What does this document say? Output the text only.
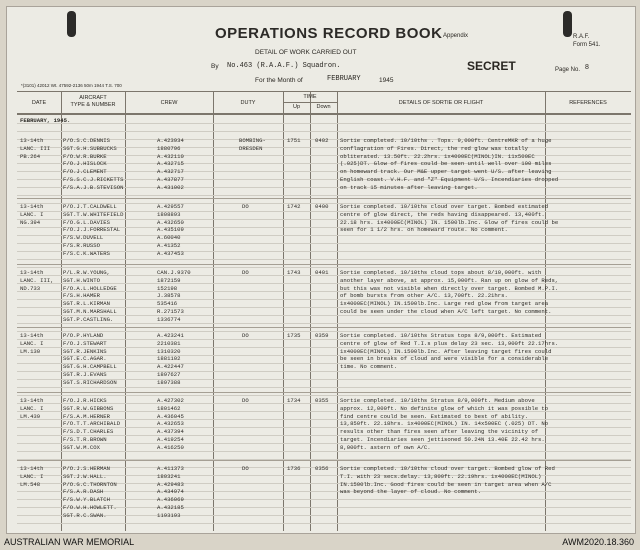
OPERATIONS RECORD BOOK
DETAIL OF WORK CARRIED OUT
By No.463 (R.A.A.F.) Squadron.
For the Month of	FEBRUARY	1945
SECRET
Appendix	R.A.F.
Form 541.
Page No. 8
*(3101) 42012 Wt. 47592-2136 50m 1944 T.S. 700
DATE
AIRCRAFT
TYPE & NUMBER	CREW	DUTY
TIME
Up	Down
DETAILS OF SORTIE OR FLIGHT	REFERENCES
FEBRUARY, 1945.
13-14th
LANC. III
PB.264
P/O.S.C.DENNIS	A.423934
SGT.G.H.SUBBUCKS	1880796
F/O.W.R.BURKE	A.432110
F/O.J.HISLOCK	A.432715
F/O.J.CLEMENT	A.432717
F/S.S.C.J.RICKETTS	A.437877
F/S.A.J.B.STEVISON	A.431002
BOMBING-
DRESDEN
1751	0402 Sortie completed. 10/10ths . Tops. 9,000ft. CentreMKR of a huge conflagration of Fires. Direct, the red glow was totally obliterated. 13.50ft. 22.2hrs. 1x4000EC(MINOL)IN. 11x500EC (.025)DT. Glow of fires could be seen until well over 100 miles on homeward track. Our M&E upper target went U/S. after leaving English coast. V.H.F. and "Z" Equipment U/S. Incendiaries dropped on track 15 minutes after leaving target.
13-14th
LANC. I
NG.394
P/O.J.T.CALDWELL	A.429557
SGT.T.W.WHITEFIELD	1808893
F/O.G.L.DAVIES	A.432650
F/O.J.J.FORRESTAL	A.435109
F/S.W.DUVELL	A.60040
F/S.R.RUSSO	A.41352
F/S.C.K.WATERS	A.437453
DO	1742	0400 Sortie completed. 10/10ths cloud over target. Bombed estimated centre of glow direct, the reds having disappeared. 13,400ft. 22.18 hrs. 1x4000EC(MINOL) IN. 1500lb.Inc. Glow of fires could be seen for 1 1/2 hrs. on homeward route. No comment.
13-14th
LANC. III,
ND.733
P/L.R.W.YOUNG,	CAN.J.9370
SGT.H.WINTO	1872159
F/O.A.L.HOLLEDGE	152198
F/S.H.HAMER	J.38578
SGT.R.L.KIRMAN	535416
SGT.M.N.MARSHALL	R.271573
SGT.P.CASTLING.	1336774
DO	1743	0401 Sortie completed. 10/10ths cloud tops about 8/10,000ft. with another layer above, at approx. 15,000ft. Ran up on glow of Reds, but this was not visible when directly over target. Bombed M.P.I. of bomb bursts from other A/C. 13,700ft. 22.21hrs. 1x4000EC(MINOL) IN.1500lb.Inc. Large red glow from target area could be seen under the cloud when A/C left target. No comment.
13-14th
LANC. I
LM.130
P/O.P.HYLAND	A.423241
F/O.J.STEWART	2210381
SGT.R.JENKINS	1310320
SGT.E.C.AGAR.	1881102
SGT.G.H.CAMPBELL	A.422447
SGT.R.J.EVANS	1897627
SGT.S.RICHARDSON	1897388
DO	1735	0359 Sortie completed. 10/10ths Stratus tops 8/9,000ft. Estimated centre of glow of Red T.I.s plus delay 23 sec. 13,900ft 22.17hrs. 1x4000EC(MINOL) IN.1500lb.Inc. After leaving target fires could be seen in breaks of cloud and were visible for a considerable time. No comment.
13-14th
LANC. I
LM.439
F/O.J.R.HICKS	A.427302
SGT.R.W.GIBBONS	1801462
F/S.A.M.HERNER	A.436045
F/O.T.T.ARCHIBALD	A.432653
F/S.D.T.CHARLES	A.437394
F/S.T.R.BROWN	A.419254
SGT.W.M.COX	A.416250
DO	1734	0355 Sortie completed. 10/10ths Stratus 8/9,000ft. Medium above approx. 12,000ft. No definite glow of which it was possible to find centre could be seen. Estimated to best of ability. 13,850ft. 22.18hrs. 1x4000EC(MINOL) IN. 14x500EC (.025) DT. No results other than fires seen after leaving the vicinity of target. Incendiaries seen jettisoned 50.24N 13.40E 22.42 hrs. 8,000ft. astern of own A/C.
13-14th
LANC. I
LM.548
P/O.J.S.HERMAN	A.411373
SGT.J.W.HALL.	1803241
P/O.G.C.THORNTON	A.429483
F/S.A.R.DASH	A.434974
F/S.W.Y.BLATCH	A.436069
F/O.W.H.HOWLETT.	A.432185
SGT.R.C.SWAN.	1193193
DO	1736	0356 Sortie completed. 10/10ths cloud over target. Bombed glow of Red T.I. with 23 secs.delay. 13,800ft. 22.19hrs. 1x4000EC(MINOL) IN.1500lb.Inc. Good fires could be seen in target area when A/C was beyond the layer of cloud. No comment.
AUSTRALIAN WAR MEMORIAL	AWM2020.18.360
